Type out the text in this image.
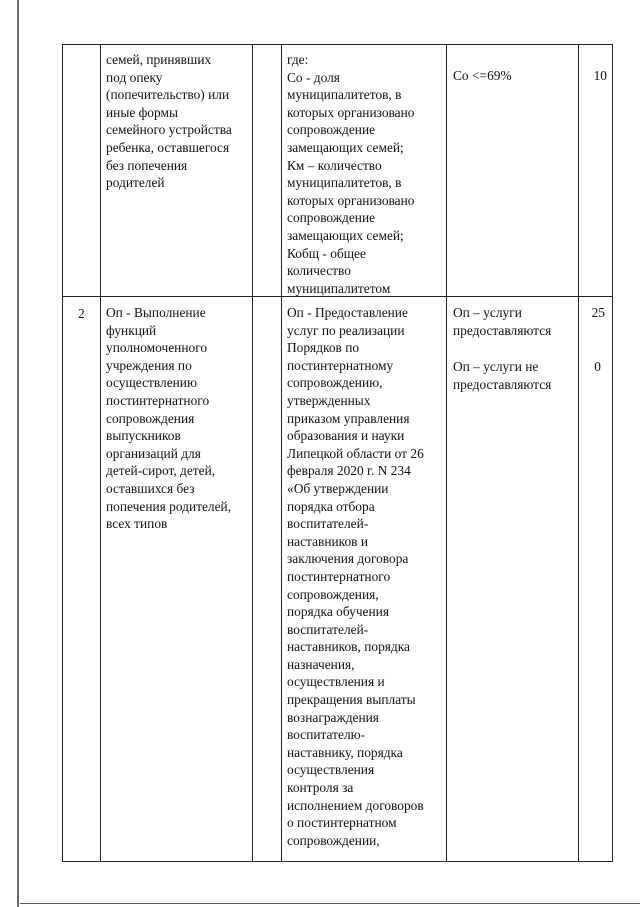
семей, принявших
под опеку
(попечительство) или
иные формы
семейного устройства
ребенка, оставшегося
без попечения
родителей
где:
Со - доля
муниципалитетов, в
которых организовано
сопровождение
замещающих семей;
Км – количество
муниципалитетов, в
которых организовано
сопровождение
замещающих семей;
Кобщ - общее
количество
муниципалитетом
Со <=69%	10
2 Оп - Выполнение
функций
уполномоченного
учреждения по
осуществлению
постинтернатного
сопровождения
выпускников
организаций для
детей-сирот, детей,
оставшихся без
попечения родителей,
всех типов
Оп - Предоставление
услуг по реализации
Порядков по
постинтернатному
сопровождению,
утвержденных
приказом управления
образования и науки
Липецкой области от 26
февраля 2020 г. N 234
«Об утверждении
порядка отбора
воспитателей-
наставников и
заключения договора
постинтернатного
сопровождения,
порядка обучения
воспитателей-
наставников, порядка
назначения,
осуществления и
прекращения выплаты
вознаграждения
воспитателю-
наставнику, порядка
осуществления
контроля за
исполнением договоров
о постинтернатном
сопровождении,
Оп – услуги
предоставляются
Оп – услуги не
предоставляются
25
0
